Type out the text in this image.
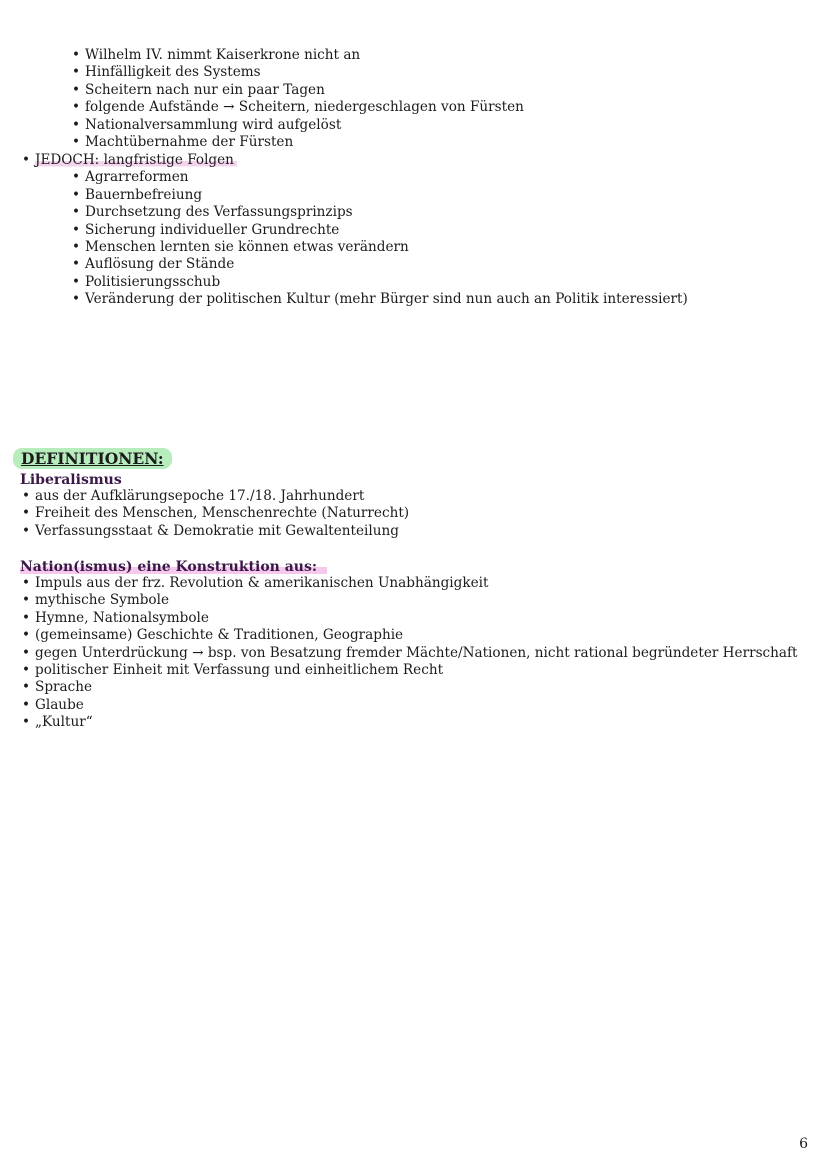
• Wilhelm IV. nimmt Kaiserkrone nicht an
• Hinfälligkeit des Systems
• Scheitern nach nur ein paar Tagen
• folgende Aufstände → Scheitern, niedergeschlagen von Fürsten
• Nationalversammlung wird aufgelöst
• Machtübernahme der Fürsten
• JEDOCH: langfristige Folgen
• Agrarreformen
• Bauernbefreiung
• Durchsetzung des Verfassungsprinzips
• Sicherung individueller Grundrechte
• Menschen lernten sie können etwas verändern
• Auflösung der Stände
• Politisierungsschub
• Veränderung der politischen Kultur (mehr Bürger sind nun auch an Politik interessiert)
DEFINITIONEN:
Liberalismus
• aus der Aufklärungsepoche 17./18. Jahrhundert
• Freiheit des Menschen, Menschenrechte (Naturrecht)
• Verfassungsstaat & Demokratie mit Gewaltenteilung
Nation(ismus) eine Konstruktion aus:
• Impuls aus der frz. Revolution & amerikanischen Unabhängigkeit
• mythische Symbole
• Hymne, Nationalsymbole
• (gemeinsame) Geschichte & Traditionen, Geographie
• gegen Unterdrückung → bsp. von Besatzung fremder Mächte/Nationen, nicht rational begründeter Herrschaft
• politischer Einheit mit Verfassung und einheitlichem Recht
• Sprache
• Glaube
• „Kultur“
6
